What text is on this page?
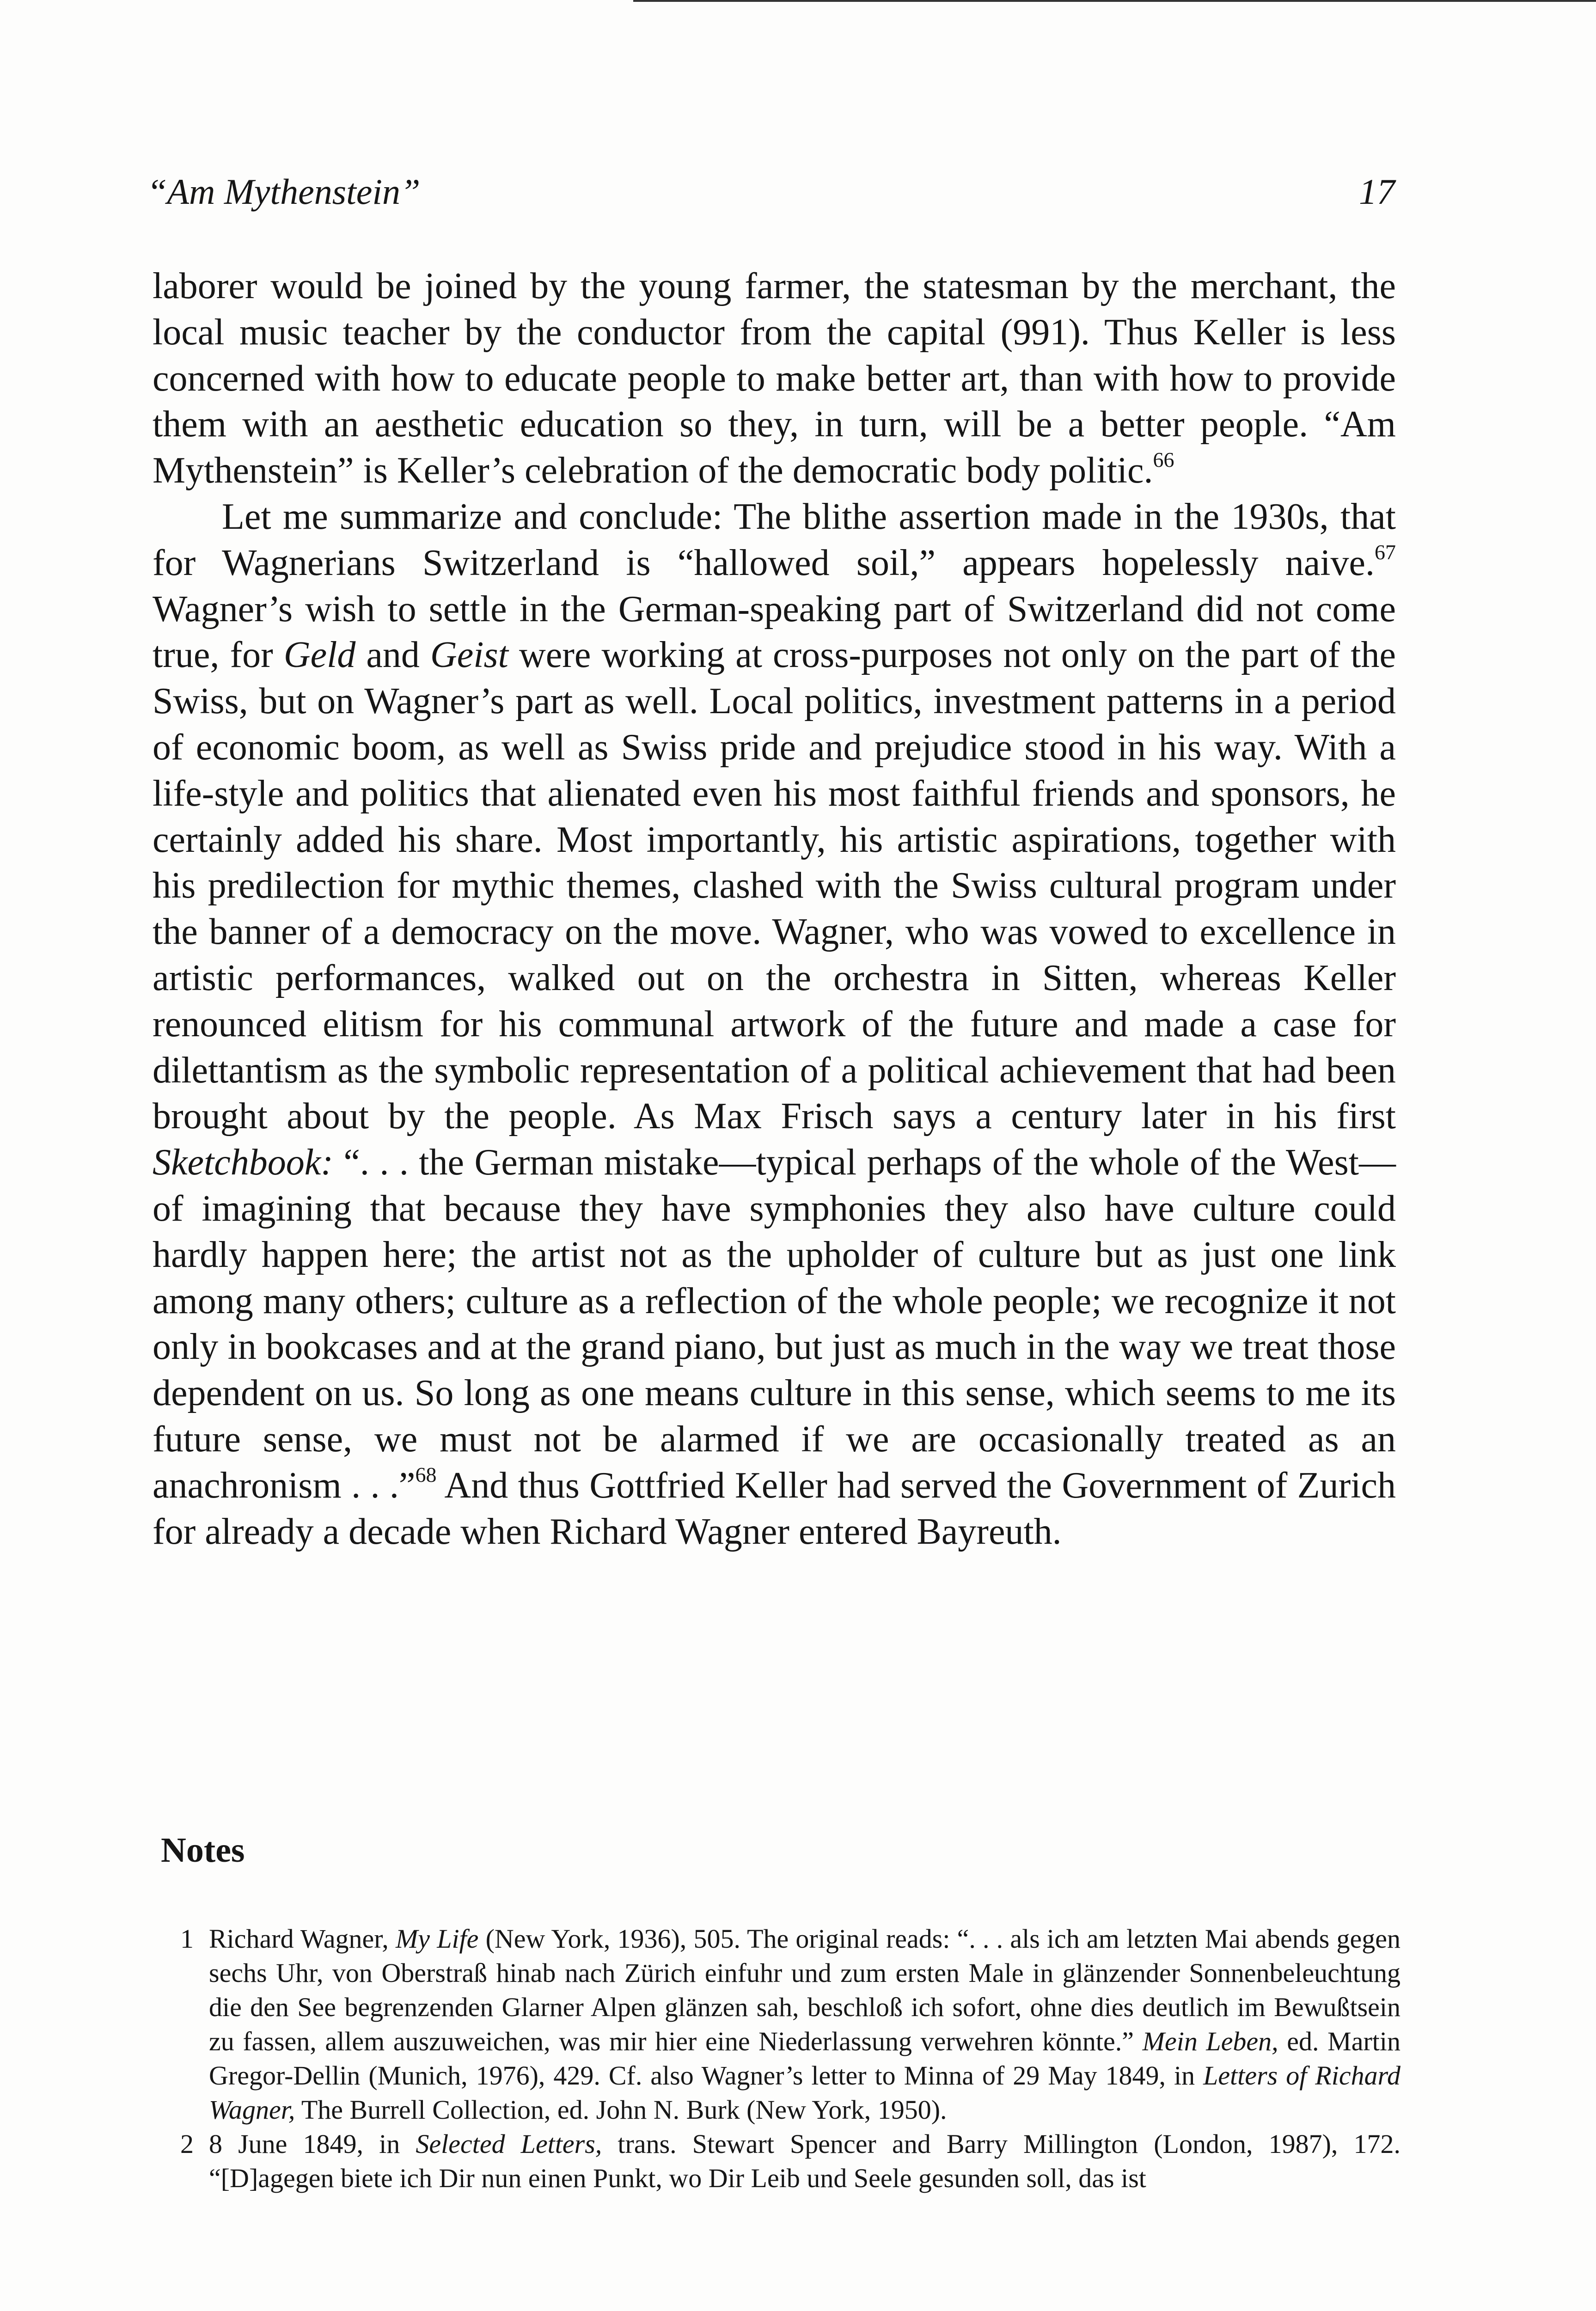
“Am Mythenstein”	17

laborer would be joined by the young farmer, the statesman by the merchant, the local music teacher by the conductor from the capital (991). Thus Keller is less concerned with how to educate people to make better art, than with how to provide them with an aesthetic education so they, in turn, will be a better people. “Am Mythenstein” is Keller’s celebration of the democratic body politic.$^{66}$

Let me summarize and conclude: The blithe assertion made in the 1930s, that for Wagnerians Switzerland is “hallowed soil,” appears hopelessly naive.$^{67}$ Wagner’s wish to settle in the German-speaking part of Switzerland did not come true, for Geld and Geist were working at cross-purposes not only on the part of the Swiss, but on Wagner’s part as well. Local politics, investment patterns in a period of economic boom, as well as Swiss pride and prejudice stood in his way. With a life-style and politics that alienated even his most faithful friends and sponsors, he certainly added his share. Most importantly, his artistic aspirations, together with his predilection for mythic themes, clashed with the Swiss cultural program under the banner of a democracy on the move. Wagner, who was vowed to excellence in artistic performances, walked out on the orchestra in Sitten, whereas Keller renounced elitism for his communal artwork of the future and made a case for dilettantism as the symbolic representation of a political achievement that had been brought about by the people. As Max Frisch says a century later in his first Sketchbook: “. . . the German mistake—typical perhaps of the whole of the West—of imagining that because they have symphonies they also have culture could hardly happen here; the artist not as the upholder of culture but as just one link among many others; culture as a reflection of the whole people; we recognize it not only in bookcases and at the grand piano, but just as much in the way we treat those dependent on us. So long as one means culture in this sense, which seems to me its future sense, we must not be alarmed if we are occasionally treated as an anachronism . . .”$^{68}$ And thus Gottfried Keller had served the Government of Zurich for already a decade when Richard Wagner entered Bayreuth.

Notes

1 Richard Wagner, My Life (New York, 1936), 505. The original reads: “. . . als ich am letzten Mai abends gegen sechs Uhr, von Oberstraß hinab nach Zürich einfuhr und zum ersten Male in glänzender Sonnenbeleuchtung die den See begrenzenden Glarner Alpen glänzen sah, beschloß ich sofort, ohne dies deutlich im Bewußtsein zu fassen, allem auszuweichen, was mir hier eine Niederlassung verwehren könnte.” Mein Leben, ed. Martin Gregor-Dellin (Munich, 1976), 429. Cf. also Wagner’s letter to Minna of 29 May 1849, in Letters of Richard Wagner, The Burrell Collection, ed. John N. Burk (New York, 1950).

2 8 June 1849, in Selected Letters, trans. Stewart Spencer and Barry Millington (London, 1987), 172. “[D]agegen biete ich Dir nun einen Punkt, wo Dir Leib und Seele gesunden soll, das ist
